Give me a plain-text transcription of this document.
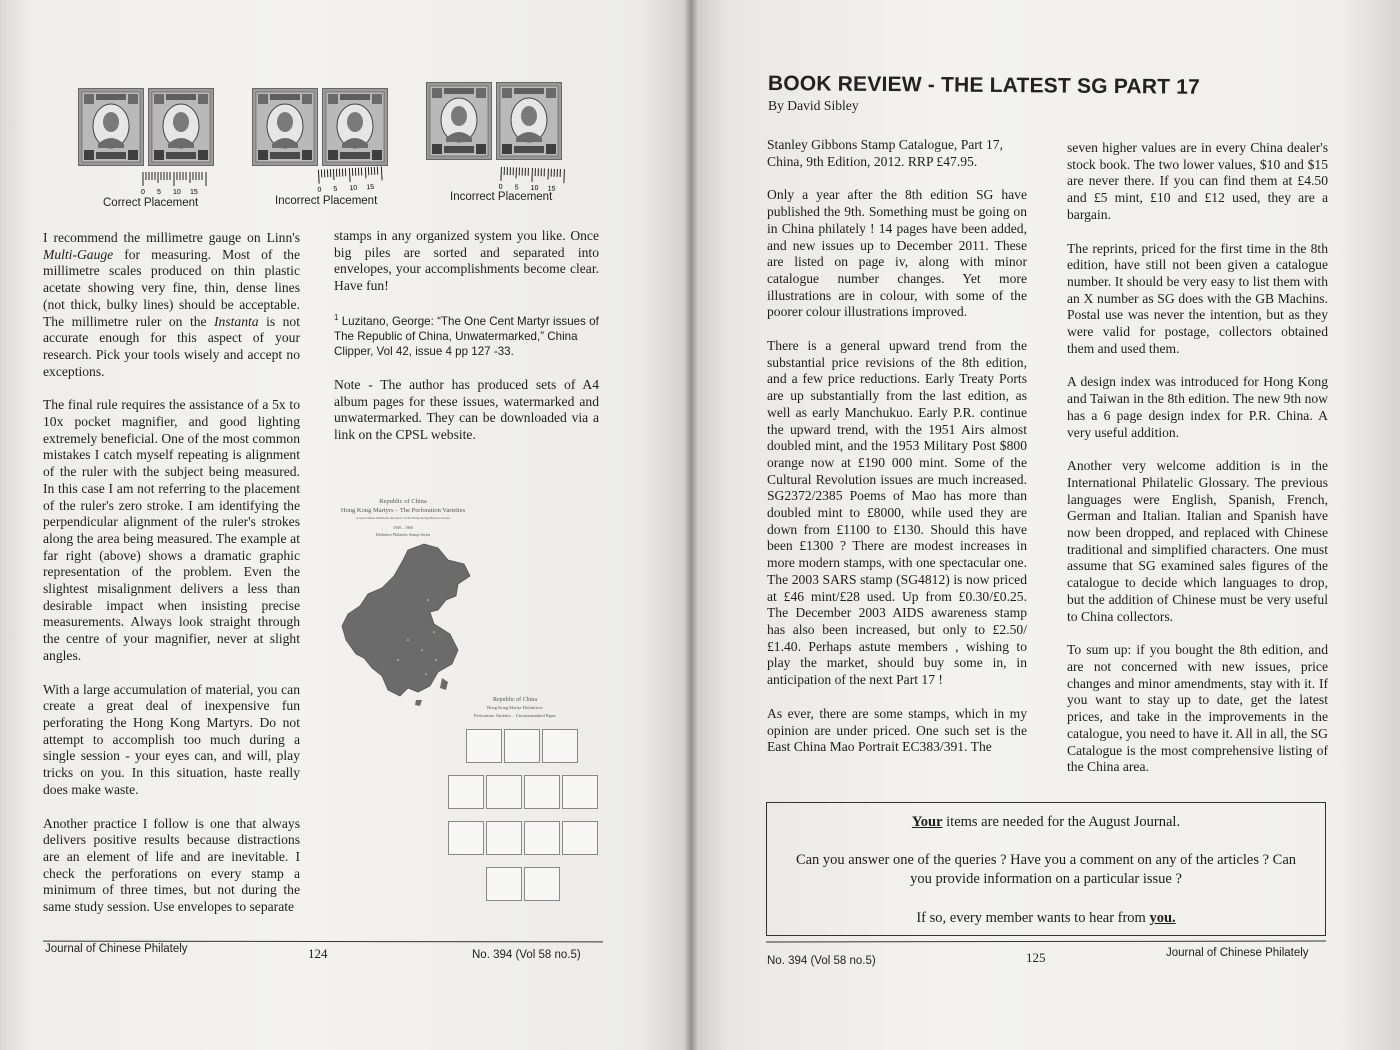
0 5 10 15	0 5 10 15	0 5 10 15
Correct Placement	Incorrect Placement	Incorrect Placement

I recommend the millimetre gauge on Linn's Multi-Gauge for measuring. Most of the millimetre scales produced on thin plastic acetate showing very fine, thin, dense lines (not thick, bulky lines) should be acceptable. The millimetre ruler on the Instanta is not accurate enough for this aspect of your research. Pick your tools wisely and accept no exceptions.

The final rule requires the assistance of a 5x to 10x pocket magnifier, and good lighting extremely beneficial. One of the most common mistakes I catch myself repeating is alignment of the ruler with the subject being measured. In this case I am not referring to the placement of the ruler's zero stroke. I am identifying the perpendicular alignment of the ruler's strokes along the area being measured. The example at far right (above) shows a dramatic graphic representation of the problem. Even the slightest misalignment delivers a less than desirable impact when insisting precise measurements. Always look straight through the centre of your magnifier, never at slight angles.

With a large accumulation of material, you can create a great deal of inexpensive fun perforating the Hong Kong Martyrs. Do not attempt to accomplish too much during a single session - your eyes can, and will, play tricks on you. In this situation, haste really does make waste.

Another practice I follow is one that always delivers positive results because distractions are an element of life and are inevitable. I check the perforations on every stamp a minimum of three times, but not during the same study session. Use envelopes to separate

stamps in any organized system you like. Once big piles are sorted and separated into envelopes, your accomplishments become clear. Have fun!

$^1$ Luzitano, George: “The One Cent Martyr issues of The Republic of China, Unwatermarked,” China Clipper, Vol 42, issue 4 pp 127 -33.

Note - The author has produced sets of A4 album pages for these issues, watermarked and unwatermarked. They can be downloaded via a link on the CPSL website.

Republic of China
Hong Kong Martyrs – The Perforation Varieties
A Specialised Philatelic Analysis of the Hong Kong Martyrs Series
1949 – 1960
Definitive Philatelic Stamp Series
Republic of China
Hong Kong Martyr Definitives
Perforation Varieties – Unwatermarked Paper
Journal of Chinese Philately	124	No. 394 (Vol 58 no.5)
BOOK REVIEW - THE LATEST SG PART 17
By David Sibley

Stanley Gibbons Stamp Catalogue, Part 17, China, 9th Edition, 2012. RRP £47.95.

Only a year after the 8th edition SG have published the 9th. Something must be going on in China philately ! 14 pages have been added, and new issues up to December 2011. These are listed on page iv, along with minor catalogue number changes. Yet more illustrations are in colour, with some of the poorer colour illustrations improved.

There is a general upward trend from the substantial price revisions of the 8th edition, and a few price reductions. Early Treaty Ports are up substantially from the last edition, as well as early Manchukuo. Early P.R. continue the upward trend, with the 1951 Airs almost doubled mint, and the 1953 Military Post $800 orange now at £190 000 mint. Some of the Cultural Revolution issues are much increased. SG2372/2385 Poems of Mao has more than doubled mint to £8000, while used they are down from £1100 to £130. Should this have been £1300 ? There are modest increases in more modern stamps, with one spectacular one. The 2003 SARS stamp (SG4812) is now priced at £46 mint/£28 used. Up from £0.30/£0.25. The December 2003 AIDS awareness stamp has also been increased, but only to £2.50/£1.40. Perhaps astute members , wishing to play the market, should buy some in, in anticipation of the next Part 17 !

As ever, there are some stamps, which in my opinion are under priced. One such set is the East China Mao Portrait EC383/391. The

seven higher values are in every China dealer's stock book. The two lower values, $10 and $15 are never there. If you can find them at £4.50 and £5 mint, £10 and £12 used, they are a bargain.

The reprints, priced for the first time in the 8th edition, have still not been given a catalogue number. It should be very easy to list them with an X number as SG does with the GB Machins. Postal use was never the intention, but as they were valid for postage, collectors obtained them and used them.

A design index was introduced for Hong Kong and Taiwan in the 8th edition. The new 9th now has a 6 page design index for P.R. China. A very useful addition.

Another very welcome addition is in the International Philatelic Glossary. The previous languages were English, Spanish, French, German and Italian. Italian and Spanish have now been dropped, and replaced with Chinese traditional and simplified characters. One must assume that SG examined sales figures of the catalogue to decide which languages to drop, but the addition of Chinese must be very useful to China collectors.

To sum up: if you bought the 8th edition, and are not concerned with new issues, price changes and minor amendments, stay with it. If you want to stay up to date, get the latest prices, and take in the improvements in the catalogue, you need to have it. All in all, the SG Catalogue is the most comprehensive listing of the China area.

Your items are needed for the August Journal.

Can you answer one of the queries ? Have you a comment on any of the articles ? Can you provide information on a particular issue ?

If so, every member wants to hear from you.

No. 394 (Vol 58 no.5)	125	Journal of Chinese Philately
